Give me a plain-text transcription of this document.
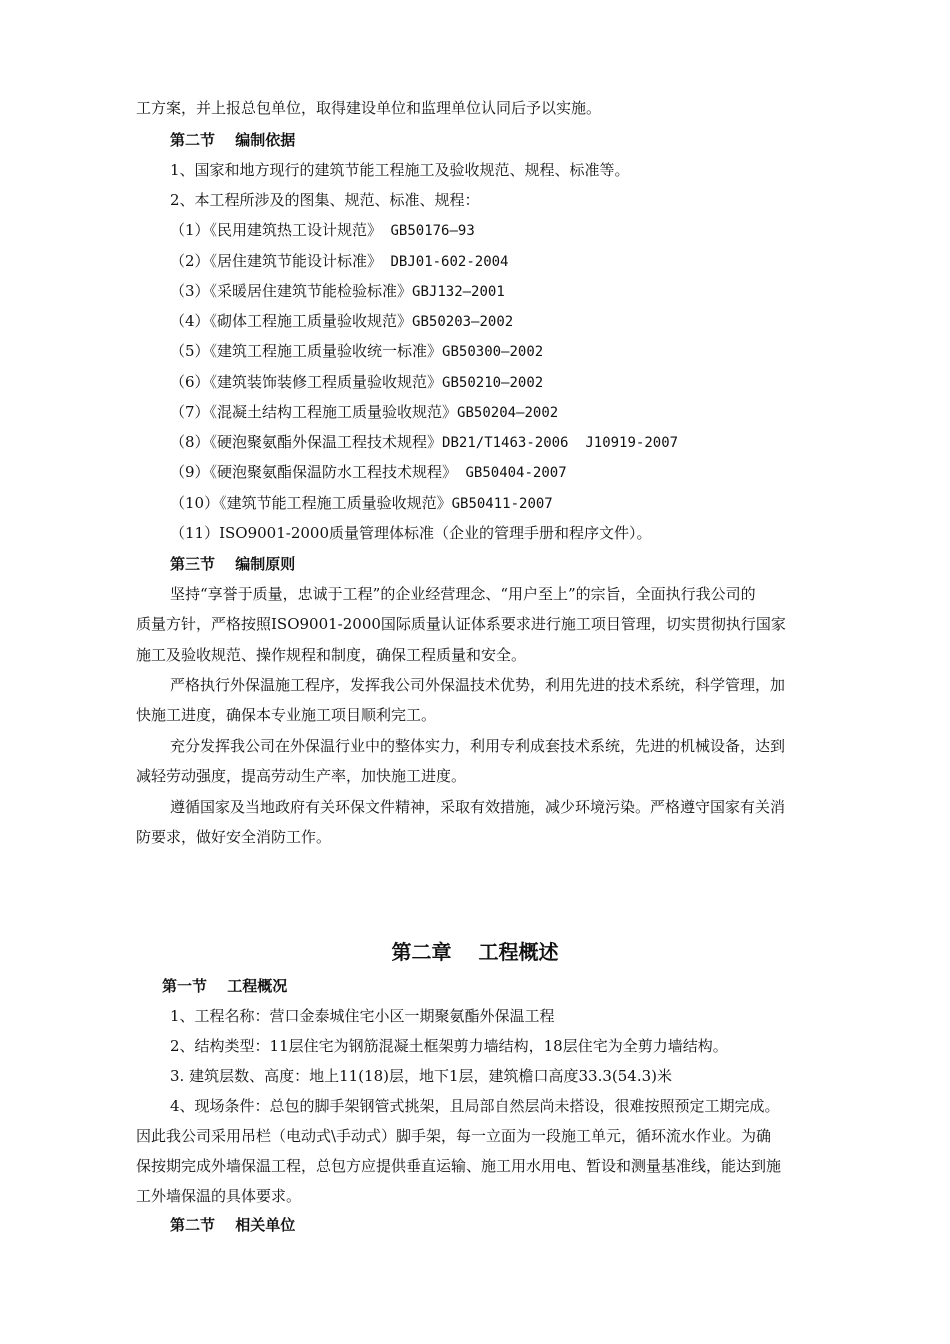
工方案，并上报总包单位，取得建设单位和监理单位认同后予以实施。
第二节　 编制依据
1、国家和地方现行的建筑节能工程施工及验收规范、规程、标准等。
2、本工程所涉及的图集、规范、标准、规程：
（1）《民用建筑热工设计规范》 GB50176—93
（2）《居住建筑节能设计标准》 DBJ01-602-2004
（3）《采暖居住建筑节能检验标准》GBJ132—2001
（4）《砌体工程施工质量验收规范》GB50203—2002
（5）《建筑工程施工质量验收统一标准》GB50300—2002
（6）《建筑装饰装修工程质量验收规范》GB50210—2002
（7）《混凝土结构工程施工质量验收规范》GB50204—2002
（8）《硬泡聚氨酯外保温工程技术规程》DB21/T1463-2006  J10919-2007
（9）《硬泡聚氨酯保温防水工程技术规程》 GB50404-2007
（10）《建筑节能工程施工质量验收规范》GB50411-2007
（11）ISO9001-2000质量管理体标准（企业的管理手册和程序文件）。
第三节　 编制原则
坚持“享誉于质量，忠诚于工程”的企业经营理念、“用户至上”的宗旨，全面执行我公司的
质量方针，严格按照ISO9001-2000国际质量认证体系要求进行施工项目管理，切实贯彻执行国家
施工及验收规范、操作规程和制度，确保工程质量和安全。
严格执行外保温施工程序，发挥我公司外保温技术优势，利用先进的技术系统，科学管理，加
快施工进度，确保本专业施工项目顺利完工。
充分发挥我公司在外保温行业中的整体实力，利用专利成套技术系统，先进的机械设备，达到
减轻劳动强度，提高劳动生产率，加快施工进度。
遵循国家及当地政府有关环保文件精神，采取有效措施，减少环境污染。严格遵守国家有关消
防要求，做好安全消防工作。
第二章　 工程概述
第一节　 工程概况
1、工程名称：营口金泰城住宅小区一期聚氨酯外保温工程
2、结构类型：11层住宅为钢筋混凝土框架剪力墙结构，18层住宅为全剪力墙结构。
3. 建筑层数、高度：地上11(18)层，地下1层，建筑檐口高度33.3(54.3)米
4、现场条件：总包的脚手架钢管式挑架，且局部自然层尚未搭设，很难按照预定工期完成。
因此我公司采用吊栏（电动式\手动式）脚手架，每一立面为一段施工单元，循环流水作业。为确
保按期完成外墙保温工程，总包方应提供垂直运输、施工用水用电、暂设和测量基准线，能达到施
工外墙保温的具体要求。
第二节　 相关单位
